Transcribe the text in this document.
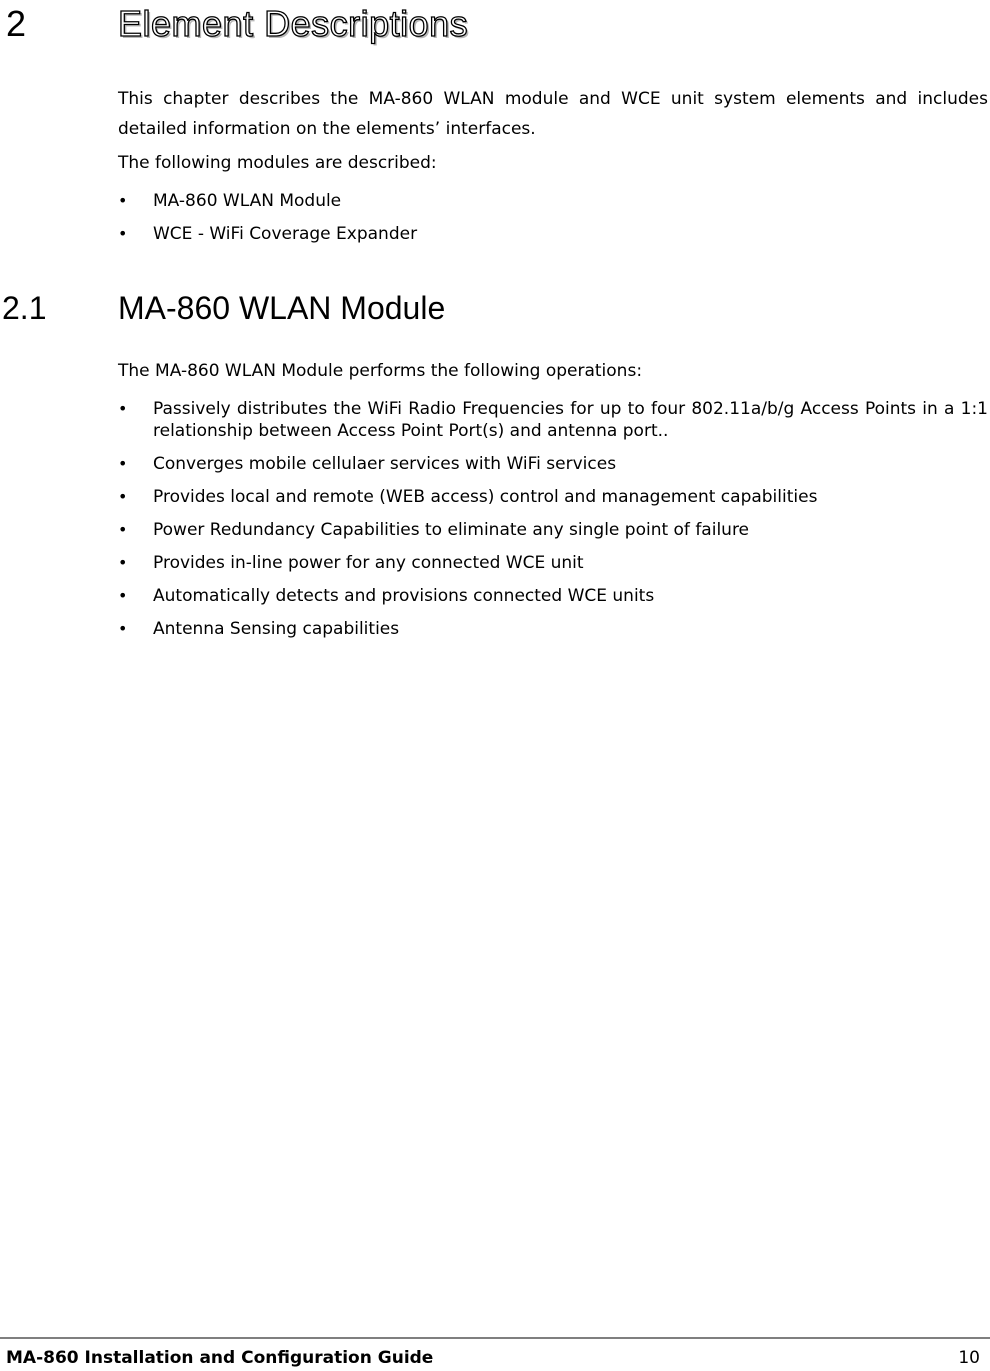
2	Element Descriptions
This chapter describes the MA-860 WLAN module and WCE unit system elements and includes detailed information on the elements’ interfaces.
The following modules are described:
• MA-860 WLAN Module
• WCE - WiFi Coverage Expander
2.1	MA-860 WLAN Module
The MA-860 WLAN Module performs the following operations:
• Passively distributes the WiFi Radio Frequencies for up to four 802.11a/b/g Access Points in a 1:1 relationship between Access Point Port(s) and antenna port..
• Converges mobile cellulaer services with WiFi services
• Provides local and remote (WEB access) control and management capabilities
• Power Redundancy Capabilities to eliminate any single point of failure
• Provides in-line power for any connected WCE unit
• Automatically detects and provisions connected WCE units
• Antenna Sensing capabilities
MA-860 Installation and Configuration Guide	10
